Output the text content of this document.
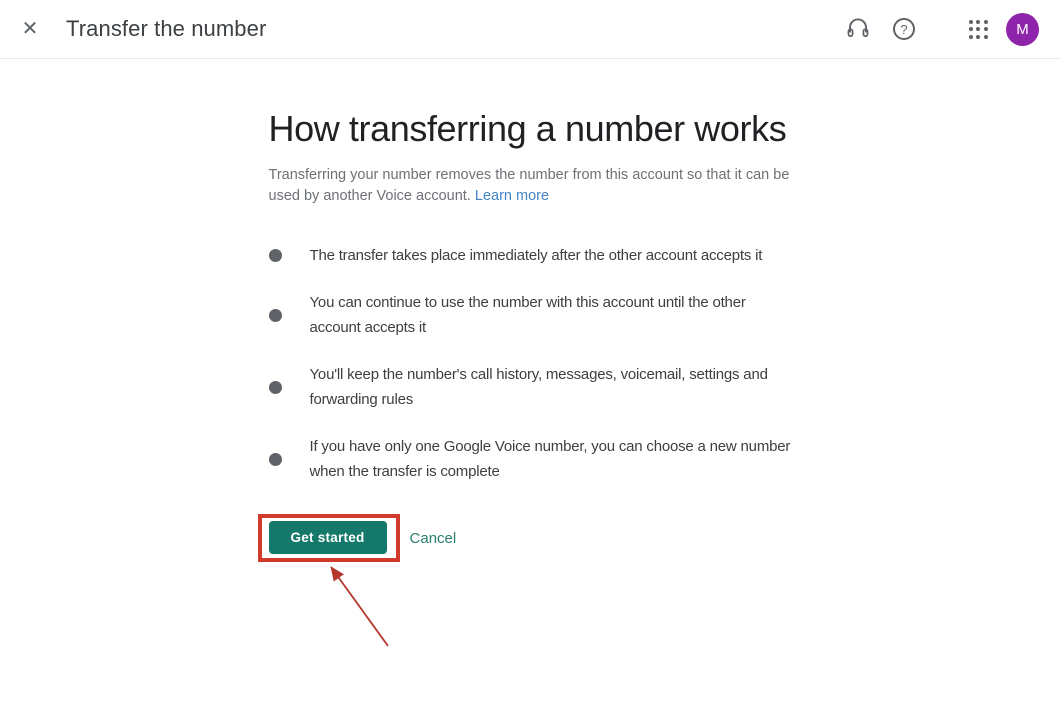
✕ Transfer the number	?	M
How transferring a number works

Transferring your number removes the number from this account so that it can be used by another Voice account. Learn more

The transfer takes place immediately after the other account accepts it
You can continue to use the number with this account until the other account accepts it
You'll keep the number's call history, messages, voicemail, settings and forwarding rules
If you have only one Google Voice number, you can choose a new number when the transfer is complete
Get started	Cancel
